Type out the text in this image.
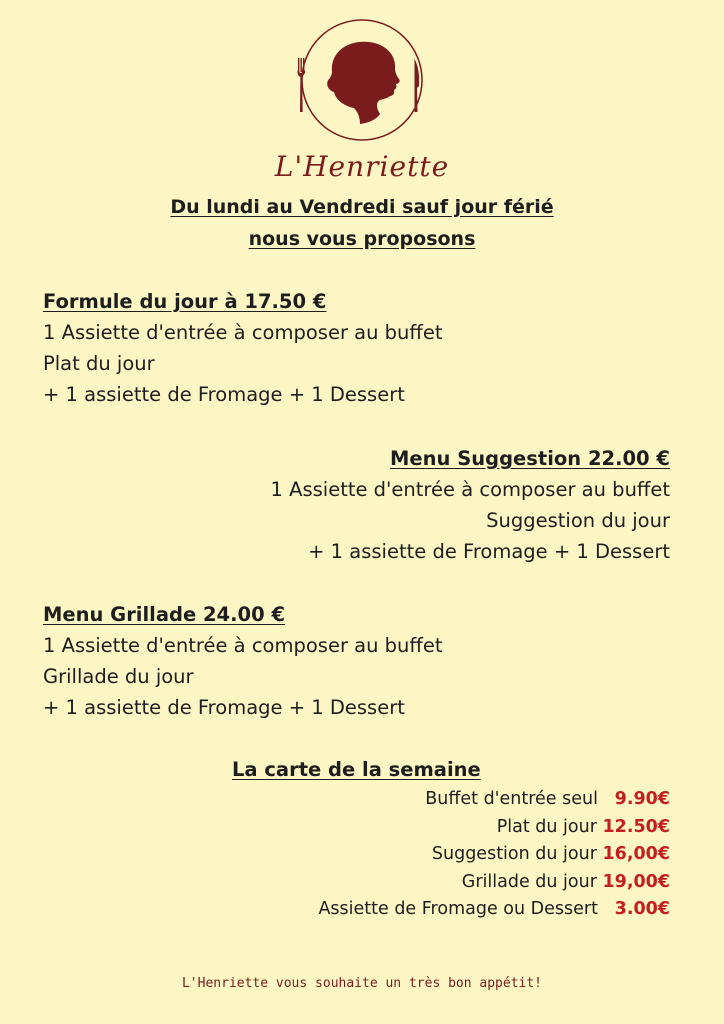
L'Henriette
Du lundi au Vendredi sauf jour férié
nous vous proposons
Formule du jour à 17.50 €
1 Assiette d'entrée à composer au buffet
Plat du jour
+ 1 assiette de Fromage + 1 Dessert
Menu Suggestion 22.00 €
1 Assiette d'entrée à composer au buffet
Suggestion du jour
+ 1 assiette de Fromage + 1 Dessert
Menu Grillade 24.00 €
1 Assiette d'entrée à composer au buffet
Grillade du jour
+ 1 assiette de Fromage + 1 Dessert
La carte de la semaine
Buffet d'entrée seul   9.90€
Plat du jour 12.50€
Suggestion du jour 16,00€
Grillade du jour 19,00€
Assiette de Fromage ou Dessert   3.00€
L'Henriette vous souhaite un très bon appétit!
